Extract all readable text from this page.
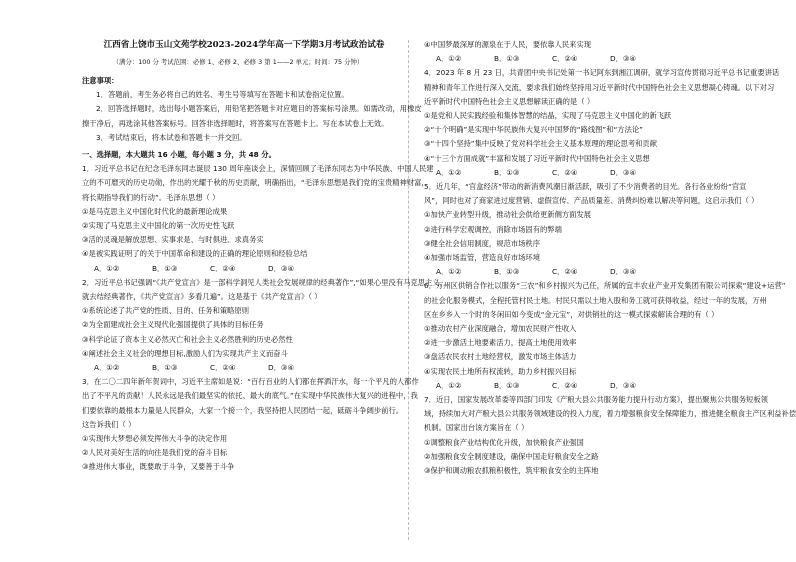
江西省上饶市玉山文苑学校2023-2024学年高一下学期3月考试政治试卷
（满分：100 分 考试范围：必修 1、必修 2、必修 3 第 1——2 单元；时间：75 分钟）
注意事项：
1．答题前，考生务必将自己的姓名、考生号等填写在答题卡和试卷指定位置。
2．回答选择题时，选出每小题答案后，用铅笔把答题卡对应题目的答案标号涂黑。如需改动，用橡皮
擦干净后，再选涂其他答案标号。回答非选择题时，将答案写在答题卡上。写在本试卷上无效。
3．考试结束后，将本试卷和答题卡一并交回。
一、选择题，本大题共 16 小题，每小题 3 分，共 48 分。
1．习近平总书记在纪念毛泽东同志诞辰 130 周年座谈会上，深情回顾了毛泽东同志为中华民族、中国人民建
立的不可磨灭的历史功勋，作出的光耀千秋的历史贡献，明确指出，“毛泽东思想是我们党的宝贵精神财富，
将长期指导我们的行动”。毛泽东思想（ ）
①是马克思主义中国化时代化的最新理论成果
②实现了马克思主义中国化的第一次历史性飞跃
③活的灵魂是解放思想、实事求是、与时俱进、求真务实
④是被实践证明了的关于中国革命和建设的正确的理论原则和经验总结
A．①②	B．①③	C．②④	D．③④
2．习近平总书记强调“《共产党宣言》是一部科学洞见人类社会发展规律的经典著作”,“如果心里没有马克思主义，
就去结经典著作，《共产党宣言》多看几遍”。这是基于《共产党宣言》（ ）
①系统论述了共产党的性质、目的、任务和策略原则
②为全面建成社会主义现代化强国提供了具体的目标任务
③科学论证了资本主义必然灭亡和社会主义必然胜利的历史必然性
④阐述社会主义社会的理想目标,激励人们为实现共产主义而奋斗
A．①②	B．①③	C．②④	D．③④
3．在二〇二四年新年贺词中，习近平主席如是说：“百行百业的人们都在挥洒汗水，每一个平凡的人都作
出了不平凡的贡献！人民永远是我们最坚实的依托、最大的底气。”在实现中华民族伟大复兴的进程中，我
们要依靠的最根本力量是人民群众，大家一个接一个，我坚持把人民团结一起，砥砺斗争阔步前行。
这告诉我们（ ）
①实现伟大梦想必须发挥伟大斗争的决定作用
②人民对美好生活的向往是我们党的奋斗目标
③推进伟大事业，既要敢于斗争，又要善于斗争
④中国梦最深厚的源泉在于人民，要依靠人民来实现
A．①②	B．①③	C．②④	D．③④
4．2023 年 8 月 23 日，共青团中央书记处第一书记阿东到湘江调研，就学习宣传贯彻习近平总书记重要讲话
精神和青年工作进行深入交流，要求我们始终坚持用习近平新时代中国特色社会主义思想凝心铸魂。以下对习
近平新时代中国特色社会主义思想解读正确的是（ ）
①是党和人民实践经验和集体智慧的结晶，实现了马克思主义中国化的新飞跃
②“十个明确”是实现中华民族伟大复兴中国梦的“路线图”和“方法论”
③“十四个坚持”集中反映了党对科学社会主义基本原理的理论思考和贡献
④“十三个方面成就”丰富和发展了习近平新时代中国特色社会主义思想
A．①②	B．①③	C．②④	D．③④
5．近几年，“官盒经济”带动的新消费风潮日渐活跃，吸引了不少消费者的目光。各行各业纷纷“官宣
风”，同时也对了商家进过度营销、虚假宣传、产品质量差、消费纠纷难以解决等问题，这启示我们（ ）
①加快产业转型升级，推动社会供给更新侧方面发展
②进行科学宏观调控，消除市场固有的弊端
③健全社会信用制度，规范市场秩序
④加强市场监管，营造良好市场环境
A．①②	B．①③	C．②④	D．③④
6．万州区供销合作社以服务“三农”和乡村振兴为己任，所属的宜丰农业产业开发集团有限公司探索“建设+运营”
的社会化服务模式，全程托管村民土地。村民只需以土地入股和务工就可获得收益，经过一年的发展，万州
区在乡乡入一个时的冬闲田如今变成“金元宝”，对供销社的这一模式探索解读合理的有（ ）
①推动农村产业深度融合，增加农民财产性收入
②进一步激活土地要素活力，提高土地使用效率
③盘活农民农村土地经营权，激发市场主体活力
④实现农民土地所有权流转，助力乡村振兴目标
A．①②	B．①③	C．②④	D．③④
7．近日，国家发展改革委等四部门印发《产粮大县公共服务能力提升行动方案》，提出聚焦公共服务短板领
域，持续加大对产粮大县公共服务领域建设的投入力度，着力增强粮食安全保障能力，推进健全粮食主产区利益补偿
机制。国家出台该方案旨在（ ）
①调整粮食产业结构优化升级，加快粮食产业强国
②加强粮食安全制度建设，确保中国走好粮食安全之路
③保护和调动粮农抓粮积极性，筑牢粮食安全的主阵地
